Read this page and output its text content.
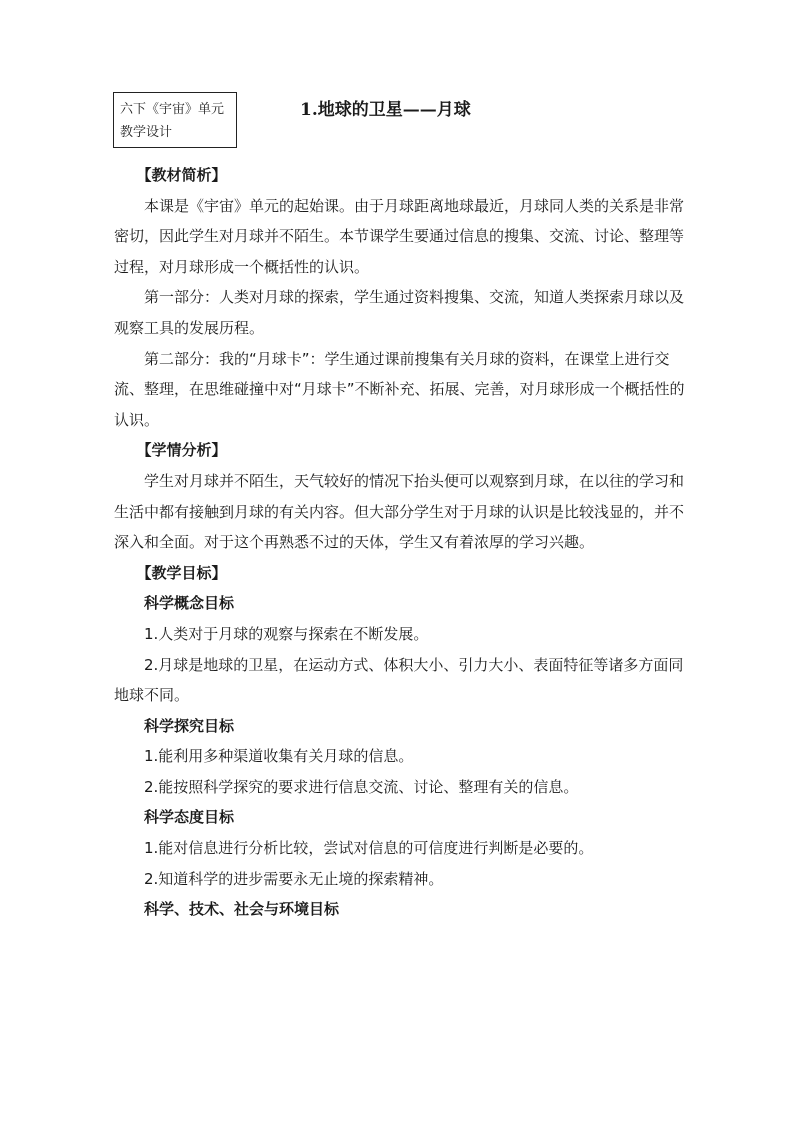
六下《宇宙》单元教学设计
1.地球的卫星——月球

【教材简析】

本课是《宇宙》单元的起始课。由于月球距离地球最近，月球同人类的关系是非常密切，因此学生对月球并不陌生。本节课学生要通过信息的搜集、交流、讨论、整理等过程，对月球形成一个概括性的认识。

第一部分：人类对月球的探索，学生通过资料搜集、交流，知道人类探索月球以及观察工具的发展历程。

第二部分：我的“月球卡”：学生通过课前搜集有关月球的资料，在课堂上进行交流、整理，在思维碰撞中对“月球卡”不断补充、拓展、完善，对月球形成一个概括性的认识。

【学情分析】

学生对月球并不陌生，天气较好的情况下抬头便可以观察到月球，在以往的学习和生活中都有接触到月球的有关内容。但大部分学生对于月球的认识是比较浅显的，并不深入和全面。对于这个再熟悉不过的天体，学生又有着浓厚的学习兴趣。

【教学目标】

科学概念目标

1.人类对于月球的观察与探索在不断发展。

2.月球是地球的卫星，在运动方式、体积大小、引力大小、表面特征等诸多方面同地球不同。

科学探究目标

1.能利用多种渠道收集有关月球的信息。

2.能按照科学探究的要求进行信息交流、讨论、整理有关的信息。

科学态度目标

1.能对信息进行分析比较，尝试对信息的可信度进行判断是必要的。

2.知道科学的进步需要永无止境的探索精神。

科学、技术、社会与环境目标
